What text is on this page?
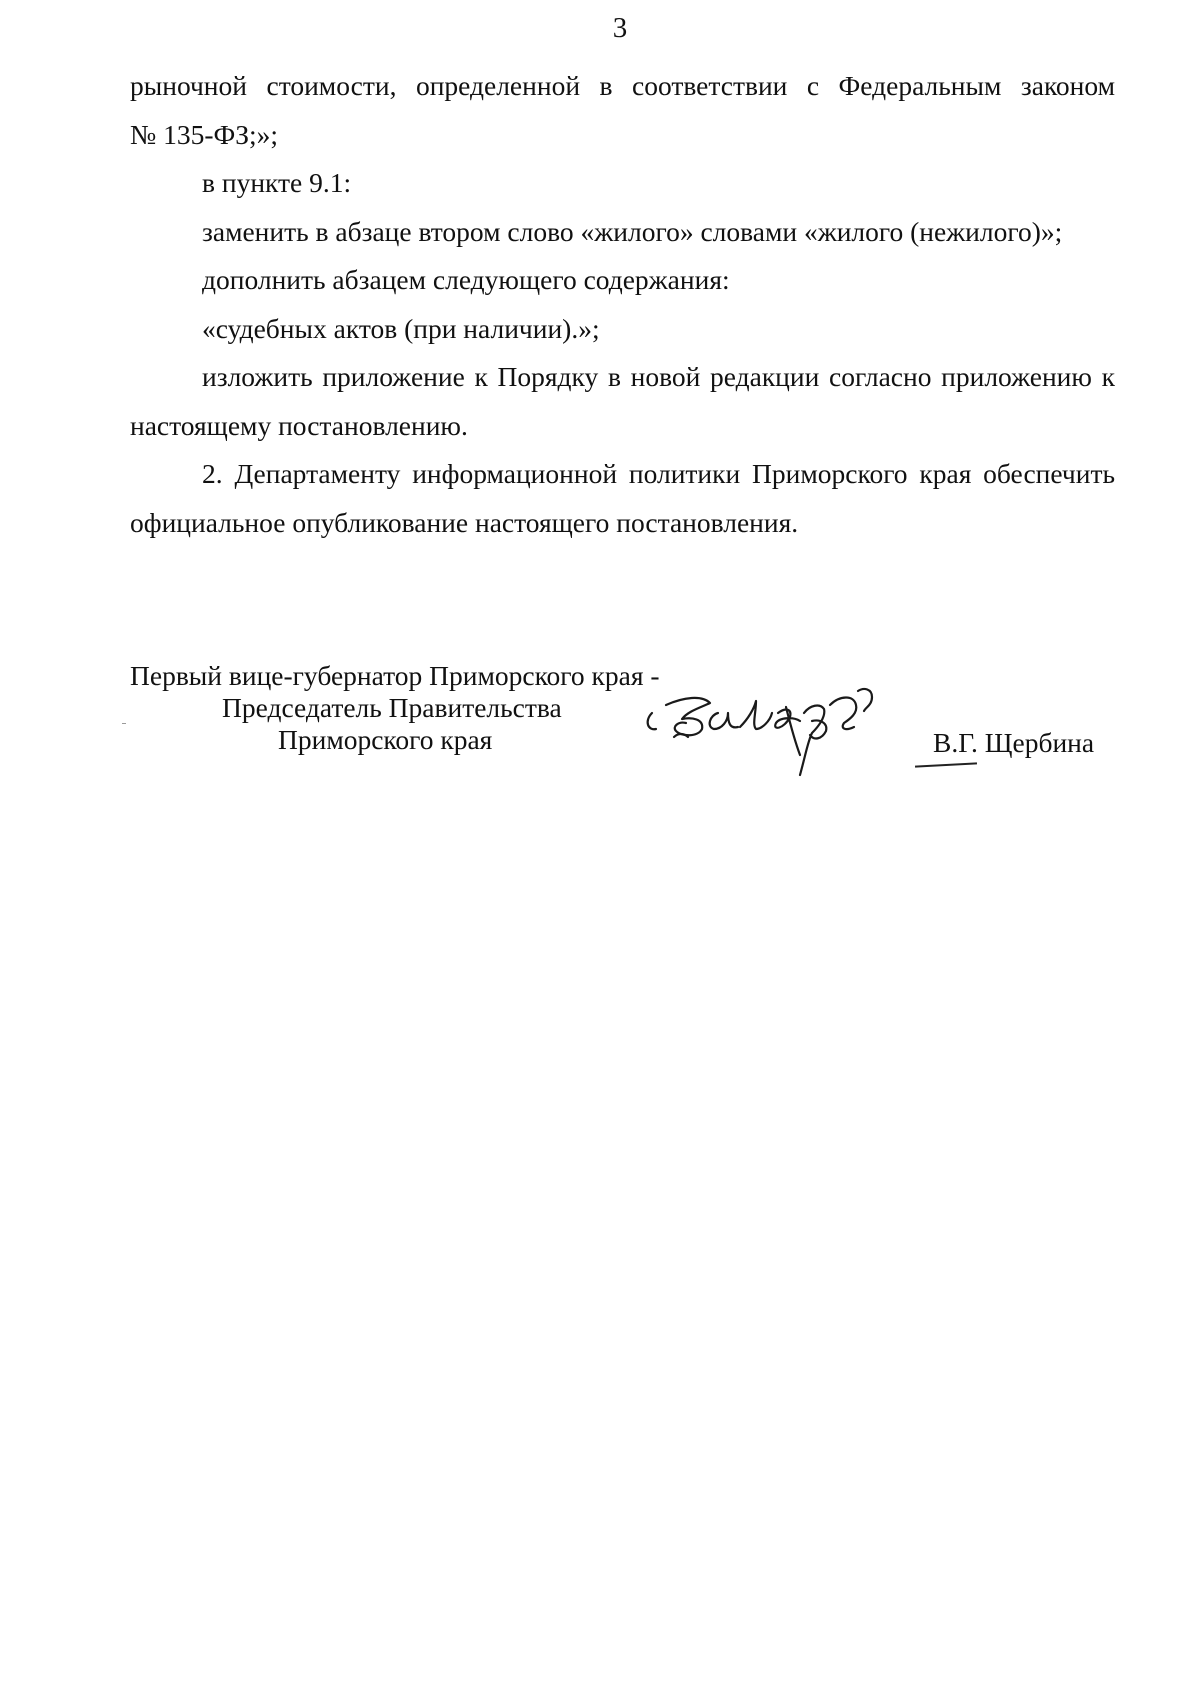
3

рыночной стоимости, определенной в соответствии с Федеральным законом

№ 135-ФЗ;»;

в пункте 9.1:

заменить в абзаце втором слово «жилого» словами «жилого (нежилого)»;

дополнить абзацем следующего содержания:

«судебных актов (при наличии).»;

изложить приложение к Порядку в новой редакции согласно приложению к настоящему постановлению.

2. Департаменту информационной политики Приморского края обеспечить официальное опубликование настоящего постановления.

Первый вице-губернатор Приморского края -
Председатель Правительства
Приморского края	В.Г. Щербина
